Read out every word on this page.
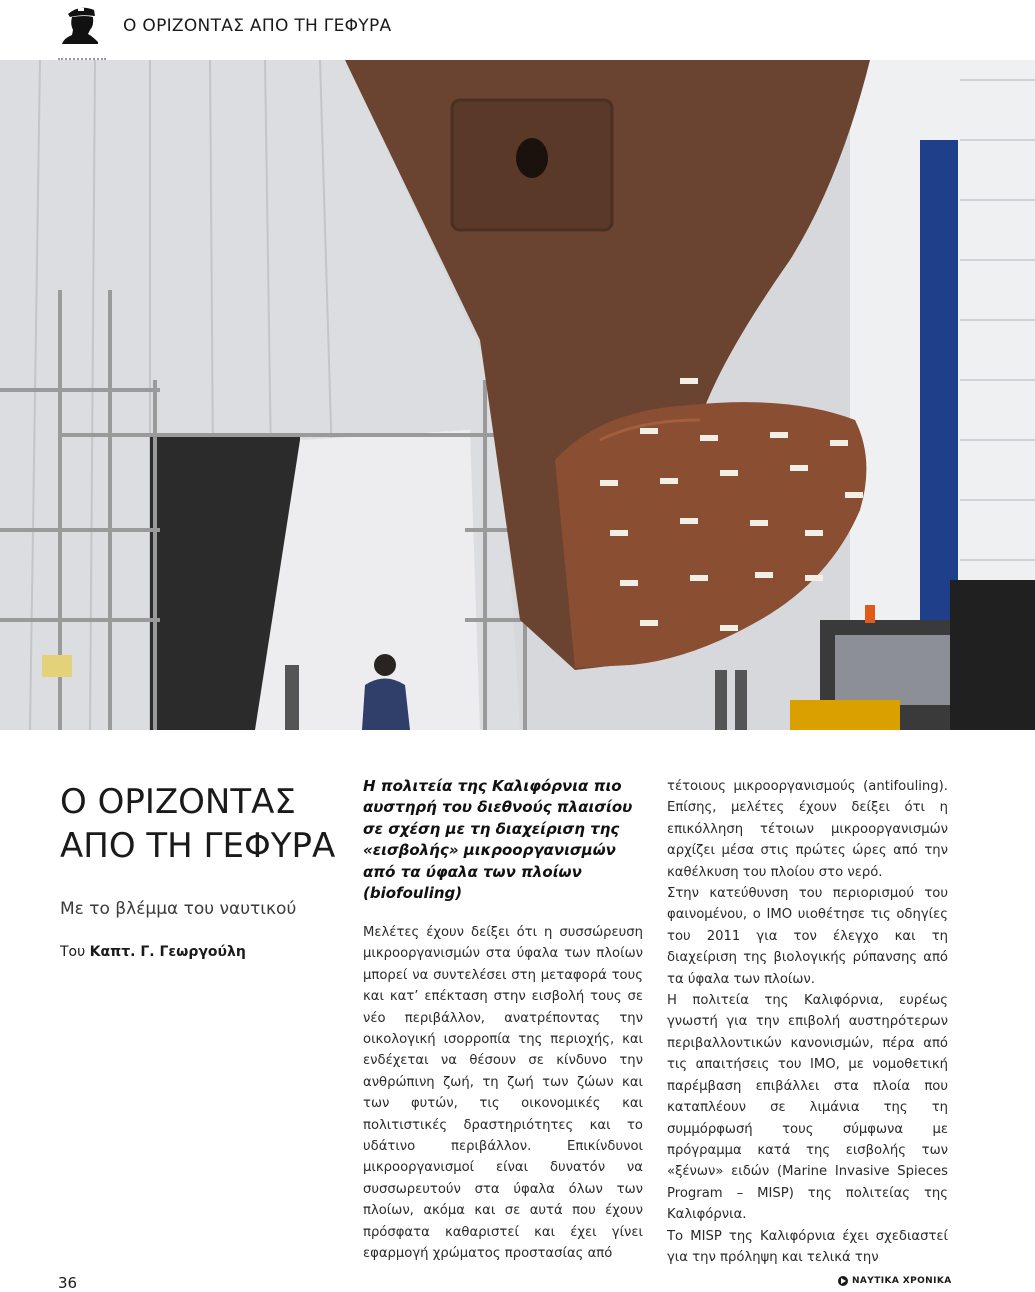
Ο ΟΡΙΖΟΝΤΑΣ ΑΠΟ ΤΗ ΓΕΦΥΡΑ
Ο ΟΡΙΖΟΝΤΑΣ
ΑΠΟ ΤΗ ΓΕΦΥΡΑ
Με το βλέμμα του ναυτικού
Του Καπτ. Γ. Γεωργούλη
Η πολιτεία της Καλιφόρνια πιο αυστηρή του διεθνούς πλαισίου σε σχέση με τη διαχείριση της «εισβολής» μικροοργανισμών από τα ύφαλα των πλοίων (biofouling)

Μελέτες έχουν δείξει ότι η συσσώρευση μικροοργανισμών στα ύφαλα των πλοίων μπορεί να συντελέσει στη μεταφορά τους και κατ’ επέκταση στην εισβολή τους σε νέο περιβάλλον, ανατρέποντας την οικολογική ισορροπία της περιοχής, και ενδέχεται να θέσουν σε κίνδυνο την ανθρώπινη ζωή, τη ζωή των ζώων και των φυτών, τις οικονομικές και πολιτιστικές δραστηριότητες και το υδάτινο περιβάλλον. Επικίνδυνοι μικροοργανισμοί είναι δυνατόν να συσσωρευτούν στα ύφαλα όλων των πλοίων, ακόμα και σε αυτά που έχουν πρόσφατα καθαριστεί και έχει γίνει εφαρμογή χρώματος προστασίας από

τέτοιους μικροοργανισμούς (antifouling). Επίσης, μελέτες έχουν δείξει ότι η επικόλληση τέτοιων μικροοργανισμών αρχίζει μέσα στις πρώτες ώρες από την καθέλκυση του πλοίου στο νερό.

Στην κατεύθυνση του περιορισμού του φαινομένου, ο IMO υιοθέτησε τις οδηγίες του 2011 για τον έλεγχο και τη διαχείριση της βιολογικής ρύπανσης από τα ύφαλα των πλοίων.

Η πολιτεία της Καλιφόρνια, ευρέως γνωστή για την επιβολή αυστηρότερων περιβαλλοντικών κανονισμών, πέρα από τις απαιτήσεις του IMO, με νομοθετική παρέμβαση επιβάλλει στα πλοία που καταπλέουν σε λιμάνια της τη συμμόρφωσή τους σύμφωνα με πρόγραμμα κατά της εισβολής των «ξένων» ειδών (Marine Invasive Spieces Program – MISP) της πολιτείας της Καλιφόρνια.

Το MISP της Καλιφόρνια έχει σχεδιαστεί για την πρόληψη και τελικά την

36	ΝΑΥΤΙΚΑ ΧΡΟΝΙΚΑ
